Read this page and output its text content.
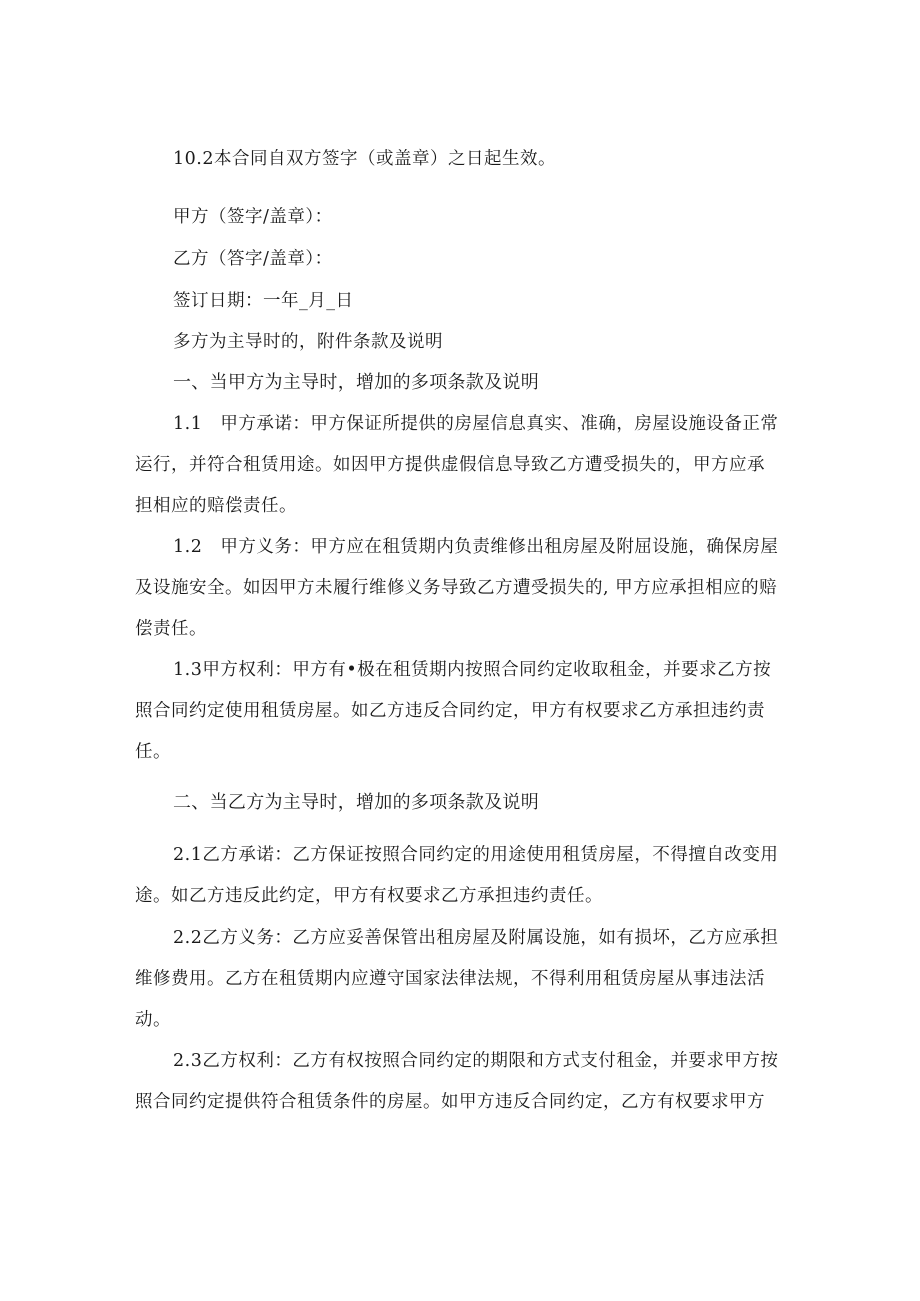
10.2本合同自双方签字（或盖章）之日起生效。
甲方（签字/盖章）：
乙方（答字/盖章）：
签订日期：一年_月_日
多方为主导时的，附件条款及说明
一、当甲方为主导时，增加的多项条款及说明
1.1　甲方承诺：甲方保证所提供的房屋信息真实、准确，房屋设施设备正常
运行，并符合租赁用途。如因甲方提供虚假信息导致乙方遭受损失的，甲方应承
担相应的赔偿责任。
1.2　甲方义务：甲方应在租赁期内负责维修出租房屋及附屈设施，确保房屋
及设施安全。如因甲方未履行维修义务导致乙方遭受损失的, 甲方应承担相应的赔
偿责任。
1.3甲方权利：甲方有•极在租赁期内按照合同约定收取租金，并要求乙方按
照合同约定使用租赁房屋。如乙方违反合同约定，甲方有权要求乙方承担违约责
任。
二、当乙方为主导时，增加的多项条款及说明
2.1乙方承诺：乙方保证按照合同约定的用途使用租赁房屋，不得擅自改变用
途。如乙方违反此约定，甲方有权要求乙方承担违约责任。
2.2乙方义务：乙方应妥善保管出租房屋及附属设施，如有损坏，乙方应承担
维修费用。乙方在租赁期内应遵守国家法律法规，不得利用租赁房屋从事违法活
动。
2.3乙方权利：乙方有权按照合同约定的期限和方式支付租金，并要求甲方按
照合同约定提供符合租赁条件的房屋。如甲方违反合同约定，乙方有权要求甲方
